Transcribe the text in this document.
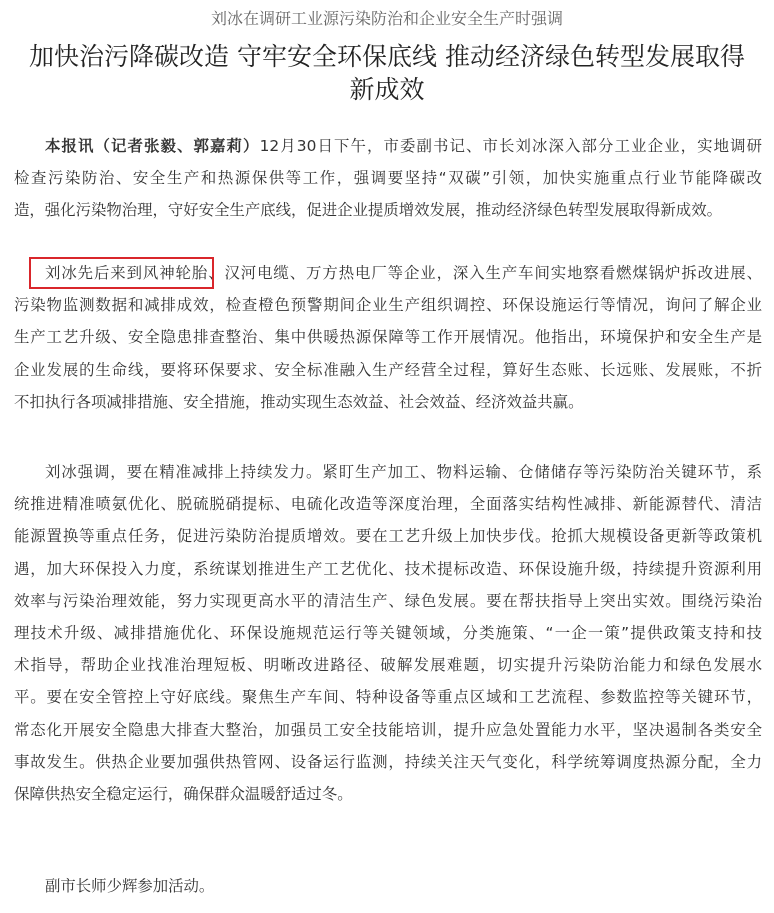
刘冰在调研工业源污染防治和企业安全生产时强调
加快治污降碳改造 守牢安全环保底线 推动经济绿色转型发展取得
新成效
本报讯（记者张毅、郭嘉莉）12月30日下午，市委副书记、市长刘冰深入部分工业企业，实地调研
检查污染防治、安全生产和热源保供等工作，强调要坚持“双碳”引领，加快实施重点行业节能降碳改
造，强化污染物治理，守好安全生产底线，促进企业提质增效发展，推动经济绿色转型发展取得新成效。
刘冰先后来到风神轮胎、汉河电缆、万方热电厂等企业，深入生产车间实地察看燃煤锅炉拆改进展、
污染物监测数据和减排成效，检查橙色预警期间企业生产组织调控、环保设施运行等情况，询问了解企业
生产工艺升级、安全隐患排查整治、集中供暖热源保障等工作开展情况。他指出，环境保护和安全生产是
企业发展的生命线，要将环保要求、安全标准融入生产经营全过程，算好生态账、长远账、发展账，不折
不扣执行各项减排措施、安全措施，推动实现生态效益、社会效益、经济效益共赢。
刘冰强调，要在精准减排上持续发力。紧盯生产加工、物料运输、仓储储存等污染防治关键环节，系
统推进精准喷氨优化、脱硫脱硝提标、电硫化改造等深度治理，全面落实结构性减排、新能源替代、清洁
能源置换等重点任务，促进污染防治提质增效。要在工艺升级上加快步伐。抢抓大规模设备更新等政策机
遇，加大环保投入力度，系统谋划推进生产工艺优化、技术提标改造、环保设施升级，持续提升资源利用
效率与污染治理效能，努力实现更高水平的清洁生产、绿色发展。要在帮扶指导上突出实效。围绕污染治
理技术升级、减排措施优化、环保设施规范运行等关键领域，分类施策、“一企一策”提供政策支持和技
术指导，帮助企业找准治理短板、明晰改进路径、破解发展难题，切实提升污染防治能力和绿色发展水
平。要在安全管控上守好底线。聚焦生产车间、特种设备等重点区域和工艺流程、参数监控等关键环节，
常态化开展安全隐患大排查大整治，加强员工安全技能培训，提升应急处置能力水平，坚决遏制各类安全
事故发生。供热企业要加强供热管网、设备运行监测，持续关注天气变化，科学统筹调度热源分配，全力
保障供热安全稳定运行，确保群众温暖舒适过冬。
副市长师少辉参加活动。
